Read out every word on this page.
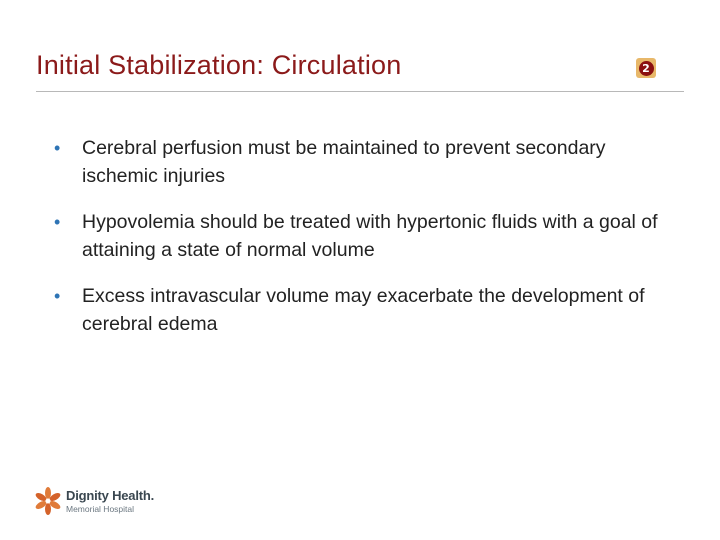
Initial Stabilization: Circulation	2
• Cerebral perfusion must be maintained to prevent secondary ischemic injuries
• Hypovolemia should be treated with hypertonic fluids with a goal of attaining a state of normal volume
• Excess intravascular volume may exacerbate the development of cerebral edema
Dignity Health.
Memorial Hospital
